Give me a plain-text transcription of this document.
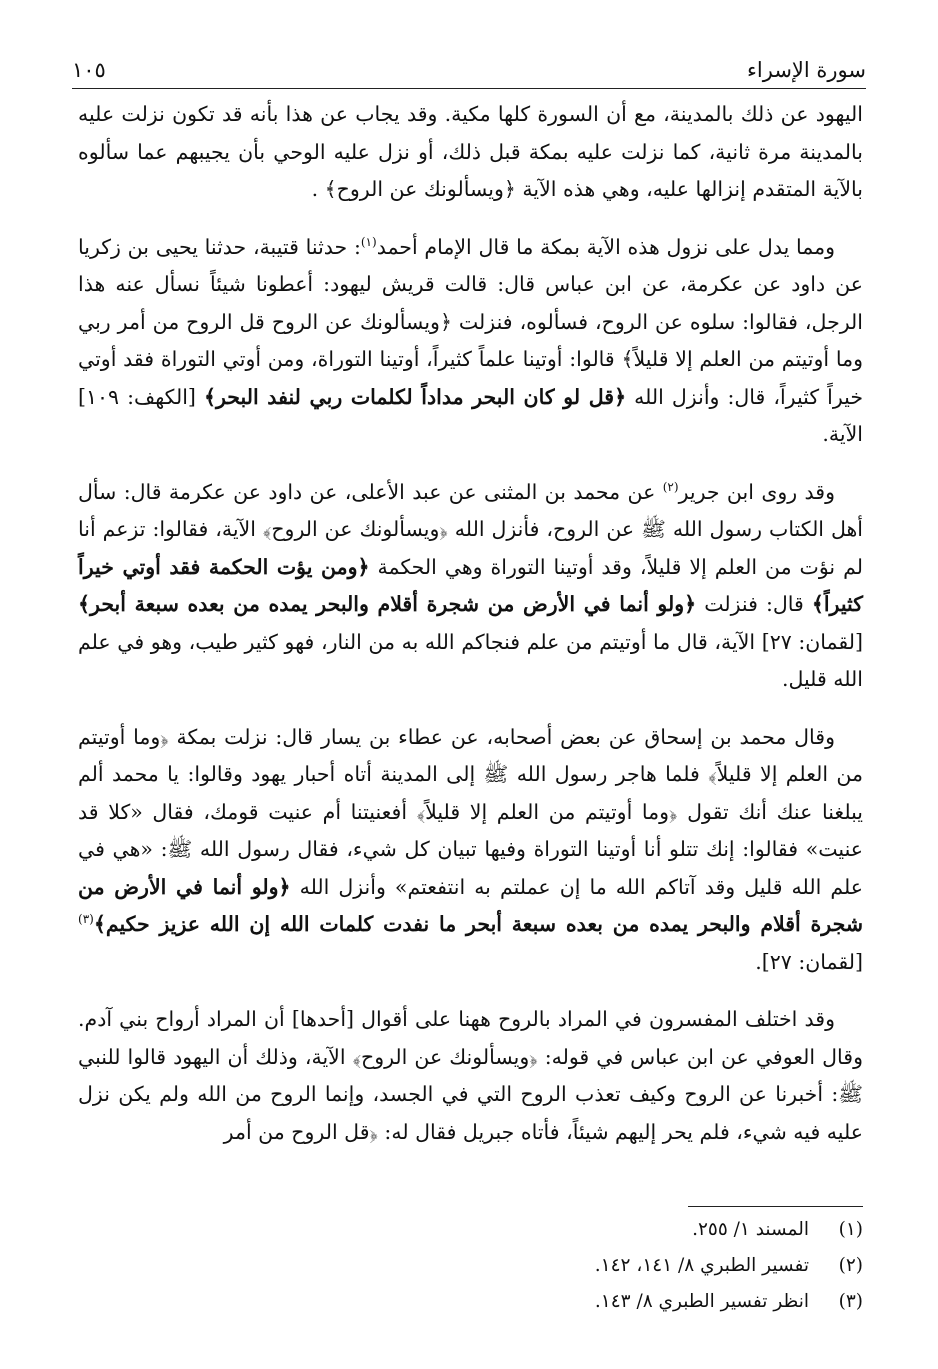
سورة الإسراء
١٠٥

اليهود عن ذلك بالمدينة، مع أن السورة كلها مكية. وقد يجاب عن هذا بأنه قد تكون نزلت عليه بالمدينة مرة ثانية، كما نزلت عليه بمكة قبل ذلك، أو نزل عليه الوحي بأن يجيبهم عما سألوه بالآية المتقدم إنزالها عليه، وهي هذه الآية ﴿ويسألونك عن الروح﴾ .

ومما يدل على نزول هذه الآية بمكة ما قال الإمام أحمد$^{(١)}$: حدثنا قتيبة، حدثنا يحيى بن زكريا عن داود عن عكرمة، عن ابن عباس قال: قالت قريش ليهود: أعطونا شيئاً نسأل عنه هذا الرجل، فقالوا: سلوه عن الروح، فسألوه، فنزلت ﴿ويسألونك عن الروح قل الروح من أمر ربي وما أوتيتم من العلم إلا قليلاً﴾ قالوا: أوتينا علماً كثيراً، أوتينا التوراة، ومن أوتي التوراة فقد أوتي خيراً كثيراً، قال: وأنزل الله ﴿قل لو كان البحر مداداً لكلمات ربي لنفد البحر﴾ [الكهف: ١٠٩] الآية.

وقد روى ابن جرير$^{(٢)}$ عن محمد بن المثنى عن عبد الأعلى، عن داود عن عكرمة قال: سأل أهل الكتاب رسول الله ﷺ عن الروح، فأنزل الله ﴿ويسألونك عن الروح﴾ الآية، فقالوا: تزعم أنا لم نؤت من العلم إلا قليلاً، وقد أوتينا التوراة وهي الحكمة ﴿ومن يؤت الحكمة فقد أوتي خيراً كثيراً﴾ قال: فنزلت ﴿ولو أنما في الأرض من شجرة أقلام والبحر يمده من بعده سبعة أبحر﴾ [لقمان: ٢٧] الآية، قال ما أوتيتم من علم فنجاكم الله به من النار، فهو كثير طيب، وهو في علم الله قليل.

وقال محمد بن إسحاق عن بعض أصحابه، عن عطاء بن يسار قال: نزلت بمكة ﴿وما أوتيتم من العلم إلا قليلاً﴾ فلما هاجر رسول الله ﷺ إلى المدينة أتاه أحبار يهود وقالوا: يا محمد ألم يبلغنا عنك أنك تقول ﴿وما أوتيتم من العلم إلا قليلاً﴾ أفعنيتنا أم عنيت قومك، فقال «كلا قد عنيت» فقالوا: إنك تتلو أنا أوتينا التوراة وفيها تبيان كل شيء، فقال رسول الله ﷺ: «هي في علم الله قليل وقد آتاكم الله ما إن عملتم به انتفعتم» وأنزل الله ﴿ولو أنما في الأرض من شجرة أقلام والبحر يمده من بعده سبعة أبحر ما نفدت كلمات الله إن الله عزيز حكيم﴾$^{(٣)}$ [لقمان: ٢٧].

وقد اختلف المفسرون في المراد بالروح ههنا على أقوال [أحدها] أن المراد أرواح بني آدم. وقال العوفي عن ابن عباس في قوله: ﴿ويسألونك عن الروح﴾ الآية، وذلك أن اليهود قالوا للنبي ﷺ: أخبرنا عن الروح وكيف تعذب الروح التي في الجسد، وإنما الروح من الله ولم يكن نزل عليه فيه شيء، فلم يحر إليهم شيئاً، فأتاه جبريل فقال له: ﴿قل الروح من أمر

(١)
المسند ١/ ٢٥٥.
(٢)
تفسير الطبري ٨/ ١٤١، ١٤٢.
(٣)
انظر تفسير الطبري ٨/ ١٤٣.
